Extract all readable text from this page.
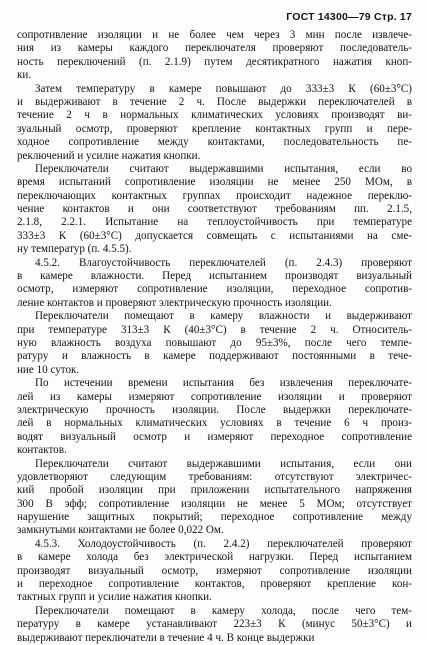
ГОСТ 14300—79 Стр. 17
сопротивление изоляции и не более чем через 3 мин после извлече-
ния из камеры каждого переключателя проверяют последователь-
ность переключений (п. 2.1.9) путем десятикратного нажатия кноп-
ки.
Затем температуру в камере повышают до 333±3 К (60±3°С)
и выдерживают в течение 2 ч. После выдержки переключателей в
течение 2 ч в нормальных климатических условиях производят ви-
зуальный осмотр, проверяют крепление контактных групп и пере-
ходное сопротивление между контактами, последовательность пе-
реключений и усилие нажатия кнопки.
Переключатели считают выдержавшими испытания, если во
время испытаний сопротивление изоляции не менее 250 МОм, в
переключающих контактных группах происходит надежное переклю-
чение контактов и они соответствуют требованиям пп. 2.1.5,
2.1.8, 2.2.1. Испытание на теплоустойчивость при температуре
333±3 К (60±3°С) допускается совмещать с испытаниями на сме-
ну температур (п. 4.5.5).
4.5.2. Влагоустойчивость переключателей (п. 2.4.3) проверяют
в камере влажности. Перед испытанием производят визуальный
осмотр, измеряют сопротивление изоляции, переходное сопротив-
ление контактов и проверяют электрическую прочность изоляции.
Переключатели помещают в камеру влажности и выдерживают
при температуре 313±3 К (40±3°С) в течение 2 ч. Относитель-
ную влажность воздуха повышают до 95±3%, после чего темпе-
ратуру и влажность в камере поддерживают постоянными в тече-
ние 10 суток.
По истечении времени испытания без извлечения переключате-
лей из камеры измеряют сопротивление изоляции и проверяют
электрическую прочность изоляции. После выдержки переключате-
лей в нормальных климатических условиях в течение 6 ч произ-
водят визуальный осмотр и измеряют переходное сопротивление
контактов.
Переключатели считают выдержавшими испытания, если они
удовлетворяют следующим требованиям: отсутствуют электричес-
кий пробой изоляции при приложении испытательного напряжения
300 В эфф; сопротивление изоляции не менее 5 МОм; отсутствует
нарушение защитных покрытий; переходное сопротивление между
замкнутыми контактами не более 0,022 Ом.
4.5.3. Холодоустойчивость (п. 2.4.2) переключателей проверяют
в камере холода без электрической нагрузки. Перед испытанием
производят визуальный осмотр, измеряют сопротивление изоляции
и переходное сопротивление контактов, проверяют крепление кон-
тактных групп и усилие нажатия кнопки.
Переключатели помещают в камеру холода, после чего тем-
пературу в камере устанавливают 223±3 К (минус 50±3°С) и
выдерживают переключатели в течение 4 ч. В конце выдержки
